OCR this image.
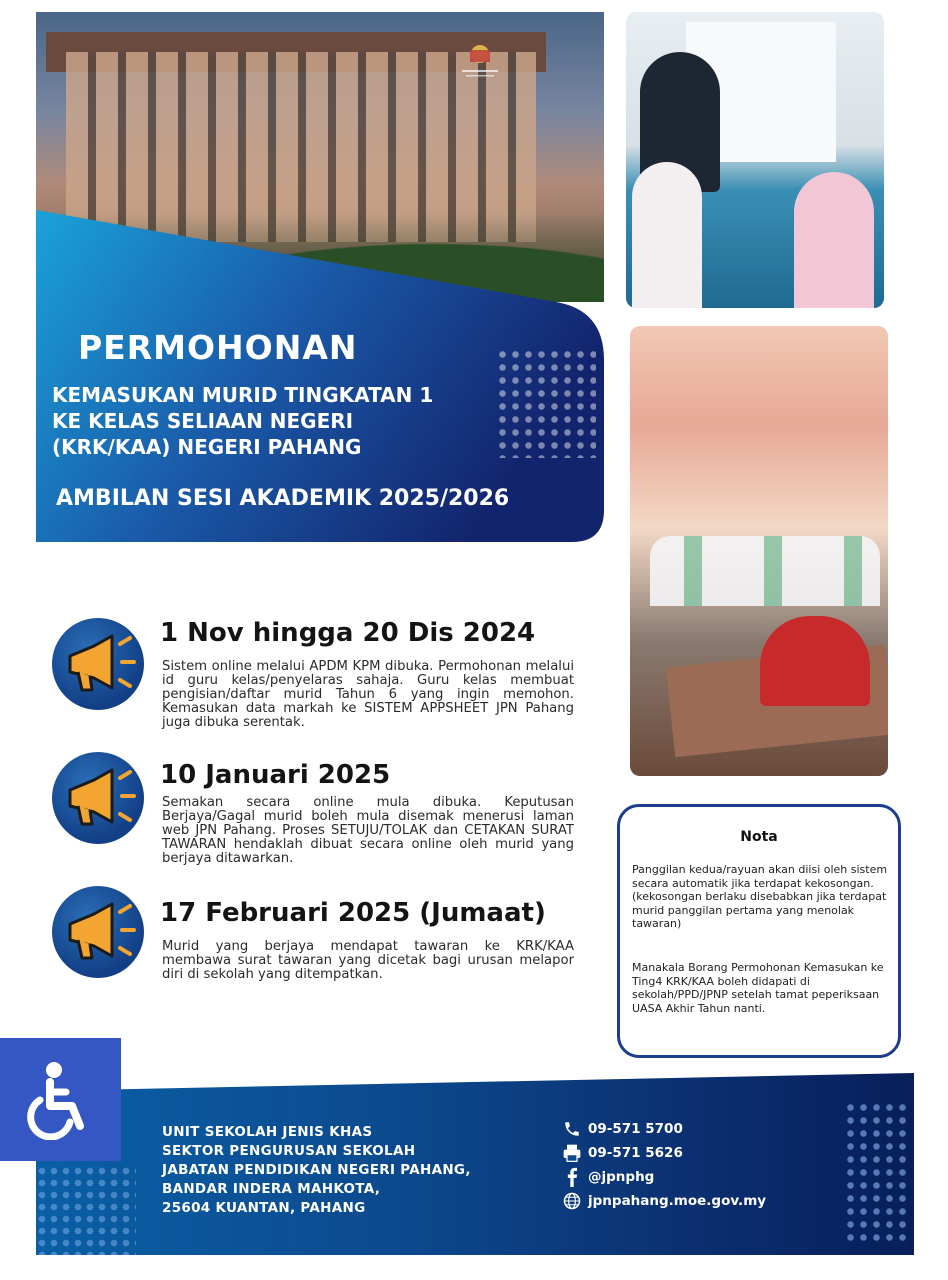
PERMOHONAN
KEMASUKAN MURID TINGKATAN 1
KE KELAS SELIAAN NEGERI
(KRK/KAA) NEGERI PAHANG
AMBILAN SESI AKADEMIK 2025/2026
1 Nov hingga 20 Dis 2024
Sistem online melalui APDM KPM dibuka. Permohonan melalui id guru kelas/penyelaras sahaja. Guru kelas membuat pengisian/daftar murid Tahun 6 yang ingin memohon. Kemasukan data markah ke SISTEM APPSHEET JPN Pahang juga dibuka serentak.
10 Januari 2025
Semakan secara online mula dibuka. Keputusan Berjaya/Gagal murid boleh mula disemak menerusi laman web JPN Pahang. Proses SETUJU/TOLAK dan CETAKAN SURAT TAWARAN hendaklah dibuat secara online oleh murid yang berjaya ditawarkan.
17 Februari 2025 (Jumaat)
Murid yang berjaya mendapat tawaran ke KRK/KAA membawa surat tawaran yang dicetak bagi urusan melapor diri di sekolah yang ditempatkan.
Nota
Panggilan kedua/rayuan akan diisi oleh sistem secara automatik jika terdapat kekosongan.(kekosongan berlaku disebabkan jika terdapat murid panggilan pertama yang menolak tawaran)
Manakala Borang Permohonan Kemasukan ke Ting4 KRK/KAA boleh didapati di sekolah/PPD/JPNP setelah tamat peperiksaan UASA Akhir Tahun nanti.
UNIT SEKOLAH JENIS KHAS
SEKTOR PENGURUSAN SEKOLAH
JABATAN PENDIDIKAN NEGERI PAHANG,
BANDAR INDERA MAHKOTA,
25604 KUANTAN, PAHANG
09-571 5700
09-571 5626
@jpnphg
jpnpahang.moe.gov.my
